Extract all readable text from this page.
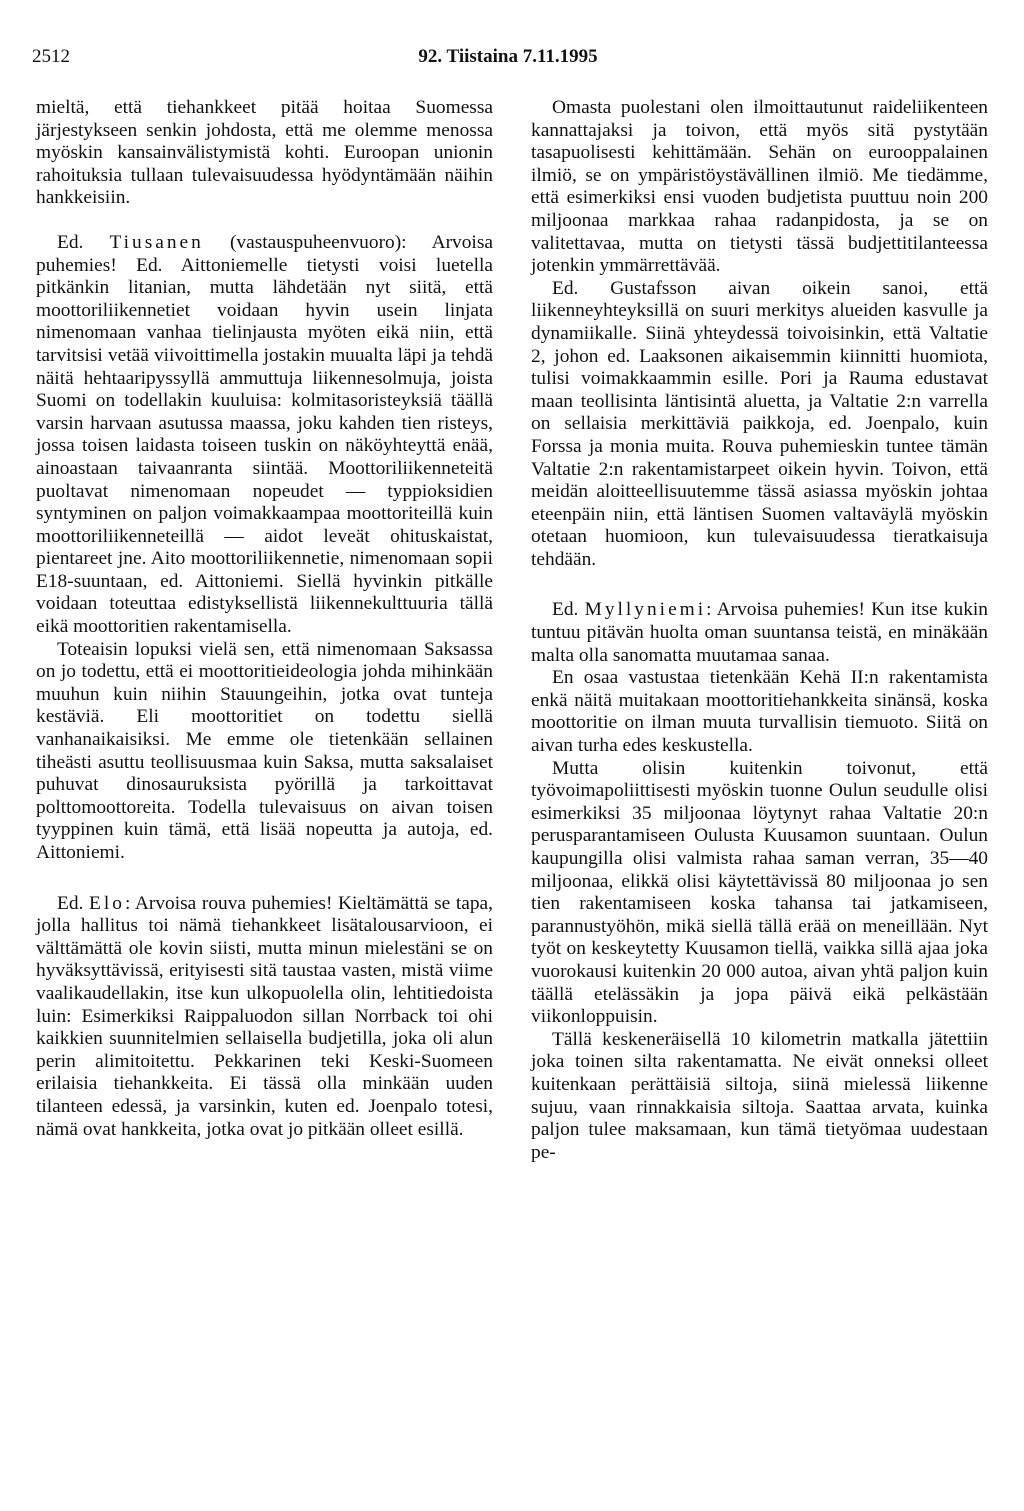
2512	92. Tiistaina 7.11.1995

mieltä, että tiehankkeet pitää hoitaa Suomessa järjestykseen senkin johdosta, että me olemme menossa myöskin kansainvälistymistä kohti. Euroopan unionin rahoituksia tullaan tulevaisuudessa hyödyntämään näihin hankkeisiin.

Ed. Tiusanen (vastauspuheenvuoro): Arvoisa puhemies! Ed. Aittoniemelle tietysti voisi luetella pitkänkin litanian, mutta lähdetään nyt siitä, että moottoriliikennetiet voidaan hyvin usein linjata nimenomaan vanhaa tielinjausta myöten eikä niin, että tarvitsisi vetää viivoittimella jostakin muualta läpi ja tehdä näitä hehtaaripyssyllä ammuttuja liikennesolmuja, joista Suomi on todellakin kuuluisa: kolmitasoristeyksiä täällä varsin harvaan asutussa maassa, joku kahden tien risteys, jossa toisen laidasta toiseen tuskin on näköyhteyttä enää, ainoastaan taivaanranta siintää. Moottoriliikenneteitä puoltavat nimenomaan nopeudet — typpioksidien syntyminen on paljon voimakkaampaa moottoriteillä kuin moottoriliikenneteillä — aidot leveät ohituskaistat, pientareet jne. Aito moottoriliikennetie, nimenomaan sopii E18-suuntaan, ed. Aittoniemi. Siellä hyvinkin pitkälle voidaan toteuttaa edistyksellistä liikennekulttuuria tällä eikä moottoritien rakentamisella.

Toteaisin lopuksi vielä sen, että nimenomaan Saksassa on jo todettu, että ei moottoritieideologia johda mihinkään muuhun kuin niihin Stauungeihin, jotka ovat tunteja kestäviä. Eli moottoritiet on todettu siellä vanhanaikaisiksi. Me emme ole tietenkään sellainen tiheästi asuttu teollisuusmaa kuin Saksa, mutta saksalaiset puhuvat dinosauruksista pyörillä ja tarkoittavat polttomoottoreita. Todella tulevaisuus on aivan toisen tyyppinen kuin tämä, että lisää nopeutta ja autoja, ed. Aittoniemi.

Ed. Elo: Arvoisa rouva puhemies! Kieltämättä se tapa, jolla hallitus toi nämä tiehankkeet lisätalousarvioon, ei välttämättä ole kovin siisti, mutta minun mielestäni se on hyväksyttävissä, erityisesti sitä taustaa vasten, mistä viime vaalikaudellakin, itse kun ulkopuolella olin, lehtitiedoista luin: Esimerkiksi Raippaluodon sillan Norrback toi ohi kaikkien suunnitelmien sellaisella budjetilla, joka oli alun perin alimitoitettu. Pekkarinen teki Keski-Suomeen erilaisia tiehankkeita. Ei tässä olla minkään uuden tilanteen edessä, ja varsinkin, kuten ed. Joenpalo totesi, nämä ovat hankkeita, jotka ovat jo pitkään olleet esillä.

Omasta puolestani olen ilmoittautunut raideliikenteen kannattajaksi ja toivon, että myös sitä pystytään tasapuolisesti kehittämään. Sehän on eurooppalainen ilmiö, se on ympäristöystävällinen ilmiö. Me tiedämme, että esimerkiksi ensi vuoden budjetista puuttuu noin 200 miljoonaa markkaa rahaa radanpidosta, ja se on valitettavaa, mutta on tietysti tässä budjettitilanteessa jotenkin ymmärrettävää.

Ed. Gustafsson aivan oikein sanoi, että liikenneyhteyksillä on suuri merkitys alueiden kasvulle ja dynamiikalle. Siinä yhteydessä toivoisinkin, että Valtatie 2, johon ed. Laaksonen aikaisemmin kiinnitti huomiota, tulisi voimakkaammin esille. Pori ja Rauma edustavat maan teollisinta läntisintä aluetta, ja Valtatie 2:n varrella on sellaisia merkittäviä paikkoja, ed. Joenpalo, kuin Forssa ja monia muita. Rouva puhemieskin tuntee tämän Valtatie 2:n rakentamistarpeet oikein hyvin. Toivon, että meidän aloitteellisuutemme tässä asiassa myöskin johtaa eteenpäin niin, että läntisen Suomen valtaväylä myöskin otetaan huomioon, kun tulevaisuudessa tieratkaisuja tehdään.

Ed. Myllyniemi: Arvoisa puhemies! Kun itse kukin tuntuu pitävän huolta oman suuntansa teistä, en minäkään malta olla sanomatta muutamaa sanaa.

En osaa vastustaa tietenkään Kehä II:n rakentamista enkä näitä muitakaan moottoritiehankkeita sinänsä, koska moottoritie on ilman muuta turvallisin tiemuoto. Siitä on aivan turha edes keskustella.

Mutta olisin kuitenkin toivonut, että työvoimapoliittisesti myöskin tuonne Oulun seudulle olisi esimerkiksi 35 miljoonaa löytynyt rahaa Valtatie 20:n perusparantamiseen Oulusta Kuusamon suuntaan. Oulun kaupungilla olisi valmista rahaa saman verran, 35—40 miljoonaa, elikkä olisi käytettävissä 80 miljoonaa jo sen tien rakentamiseen koska tahansa tai jatkamiseen, parannustyöhön, mikä siellä tällä erää on meneillään. Nyt työt on keskeytetty Kuusamon tiellä, vaikka sillä ajaa joka vuorokausi kuitenkin 20 000 autoa, aivan yhtä paljon kuin täällä etelässäkin ja jopa päivä eikä pelkästään viikonloppuisin.

Tällä keskeneräisellä 10 kilometrin matkalla jätettiin joka toinen silta rakentamatta. Ne eivät onneksi olleet kuitenkaan perättäisiä siltoja, siinä mielessä liikenne sujuu, vaan rinnakkaisia siltoja. Saattaa arvata, kuinka paljon tulee maksamaan, kun tämä tietyömaa uudestaan pe-
